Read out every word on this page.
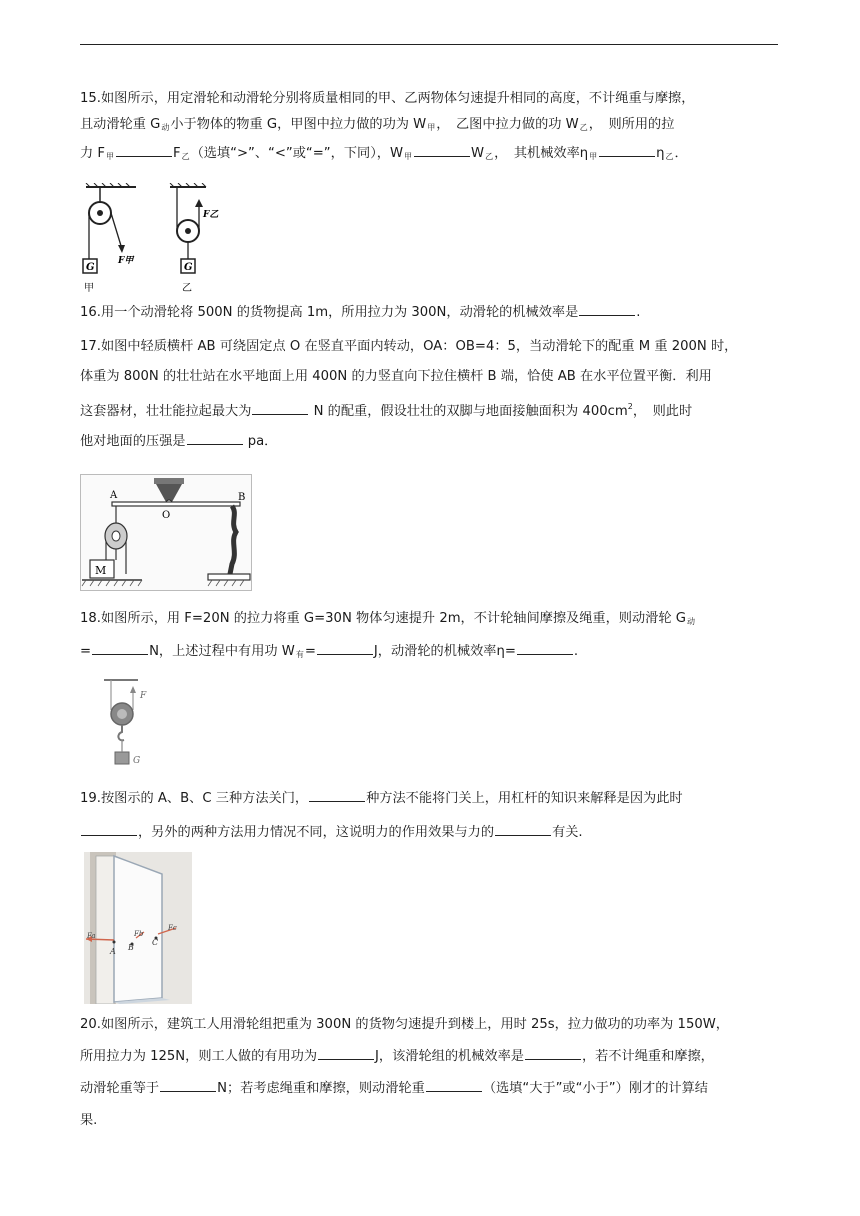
15.如图所示，用定滑轮和动滑轮分别将质量相同的甲、乙两物体匀速提升相同的高度，不计绳重与摩擦，

且动滑轮重 $G_动$小于物体的物重 G，甲图中拉力做的功为 $W_甲$，　乙图中拉力做的功 $W_乙$，　则所用的拉

力 $F_甲$	$F_乙$（选填“>”、“<”或“=”，下同），$W_甲$	$W_乙$，　其机械效率$\eta_甲$	$\eta_乙$．

G
F甲
甲
G
F乙
乙

16.用一个动滑轮将 500N 的货物提高 1m，所用拉力为 300N，动滑轮的机械效率是	.

17.如图中轻质横杆 AB 可绕固定点 O 在竖直平面内转动，OA：OB=4：5，当动滑轮下的配重 M 重 200N 时，

体重为 800N 的壮壮站在水平地面上用 400N 的力竖直向下拉住横杆 B 端，恰使 AB 在水平位置平衡．利用

这套器材，壮壮能拉起最大为	N 的配重，假设壮壮的双脚与地面接触面积为 $400cm^2$，　则此时

他对地面的压强是	pa．

A	B
O
M

18.如图所示，用 F=20N 的拉力将重 G=30N 物体匀速提升 2m，不计轮轴间摩擦及绳重，则动滑轮 $G_动$

=	N，上述过程中有用功 $W_有=$	J，动滑轮的机械效率η=	.

F
G

19.按图示的 A、B、C 三种方法关门，	种方法不能将门关上，用杠杆的知识来解释是因为此时

，另外的两种方法用力情况不同，这说明力的作用效果与力的	有关.

Fa
A
Fb
B
Fc
C

20.如图所示，建筑工人用滑轮组把重为 300N 的货物匀速提升到楼上，用时 25s，拉力做功的功率为 150W，

所用拉力为 125N，则工人做的有用功为	J，该滑轮组的机械效率是	，若不计绳重和摩擦，

动滑轮重等于	N；若考虑绳重和摩擦，则动滑轮重	（选填“大于”或“小于”）刚才的计算结

果.
